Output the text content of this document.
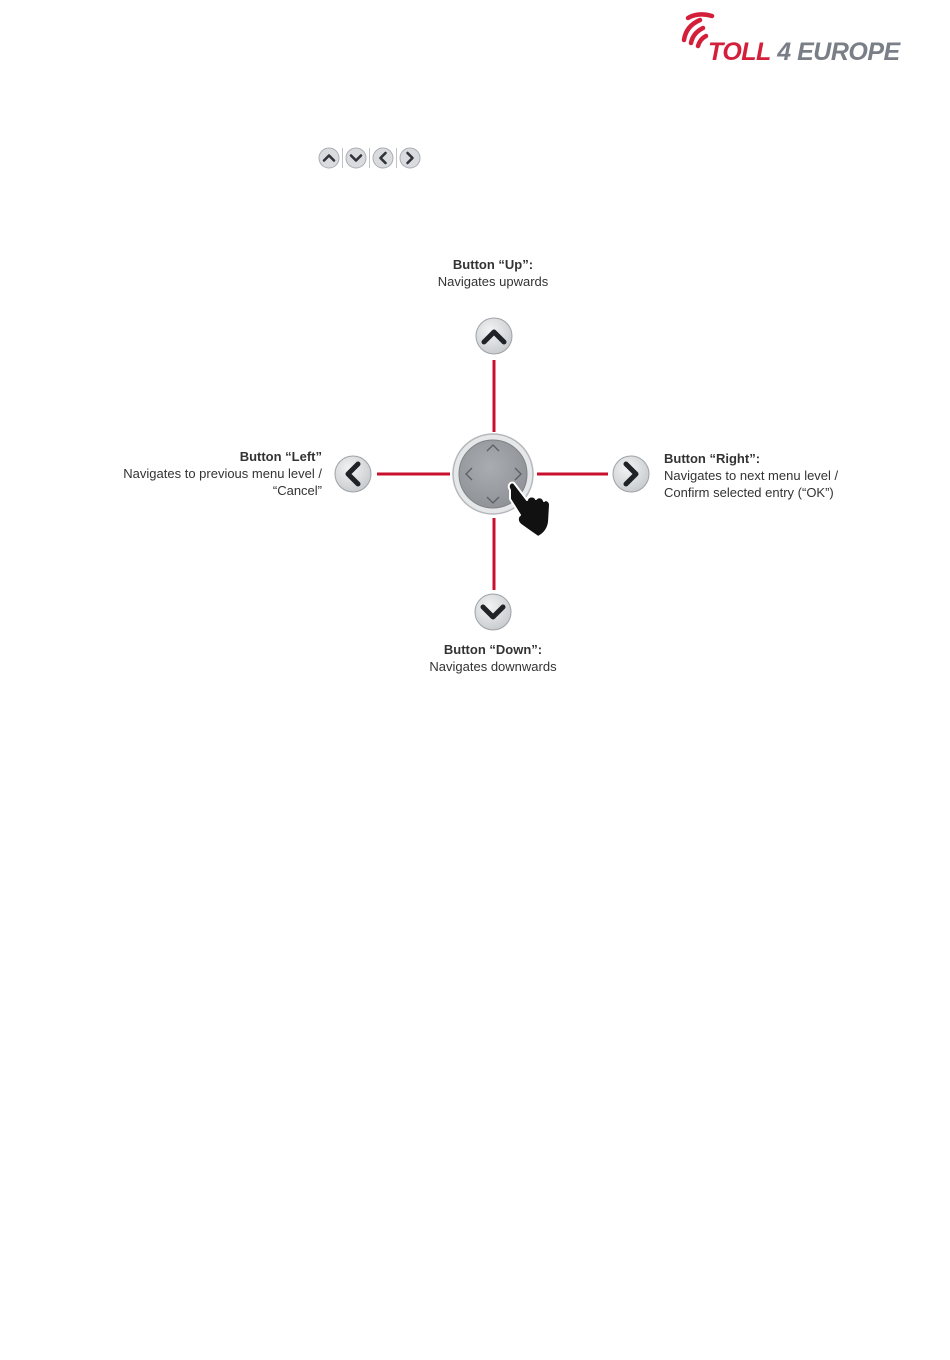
TOLL 4 EUROPE
Button “Up”:
Navigates upwards
Button “Down”:
Navigates downwards
Button “Left”
Navigates to previous menu level /
“Cancel”
Button “Right”:
Navigates to next menu level /
Confirm selected entry (“OK”)
